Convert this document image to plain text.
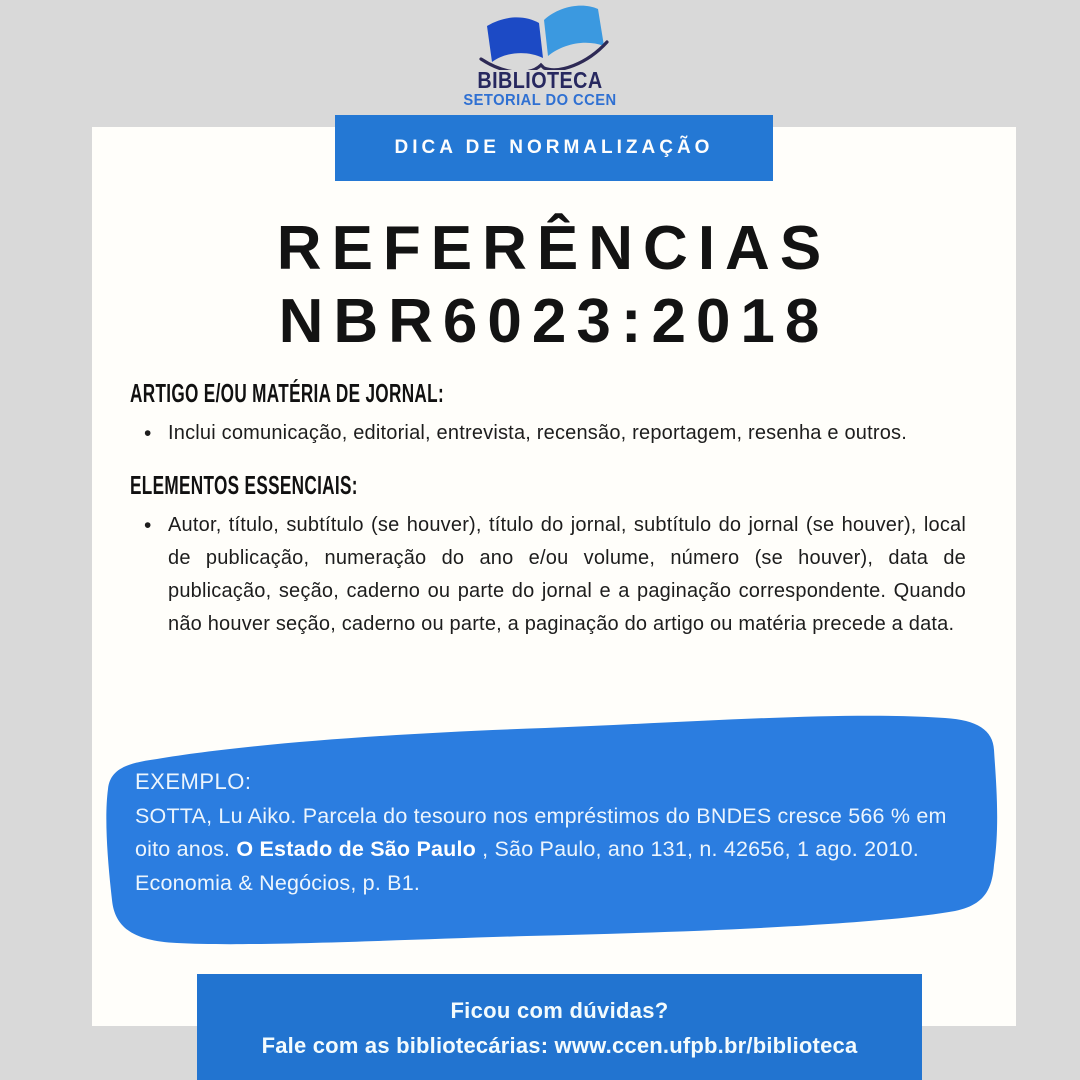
BIBLIOTECA
SETORIAL DO CCEN
DICA DE NORMALIZAÇÃO
REFERÊNCIAS
NBR6023:2018
ARTIGO E/OU MATÉRIA DE JORNAL:
• Inclui comunicação, editorial, entrevista, recensão, reportagem, resenha e outros.
ELEMENTOS ESSENCIAIS:
• Autor, título, subtítulo (se houver), título do jornal, subtítulo do jornal (se houver), local de publicação, numeração do ano e/ou volume, número (se houver), data de publicação, seção, caderno ou parte do jornal e a paginação correspondente. Quando não houver seção, caderno ou parte, a paginação do artigo ou matéria precede a data.
EXEMPLO:

SOTTA, Lu Aiko. Parcela do tesouro nos empréstimos do BNDES cresce 566 % em oito anos. O Estado de São Paulo , São Paulo, ano 131, n. 42656, 1 ago. 2010. Economia & Negócios, p. B1.

Ficou com dúvidas?
Fale com as bibliotecárias: www.ccen.ufpb.br/biblioteca
